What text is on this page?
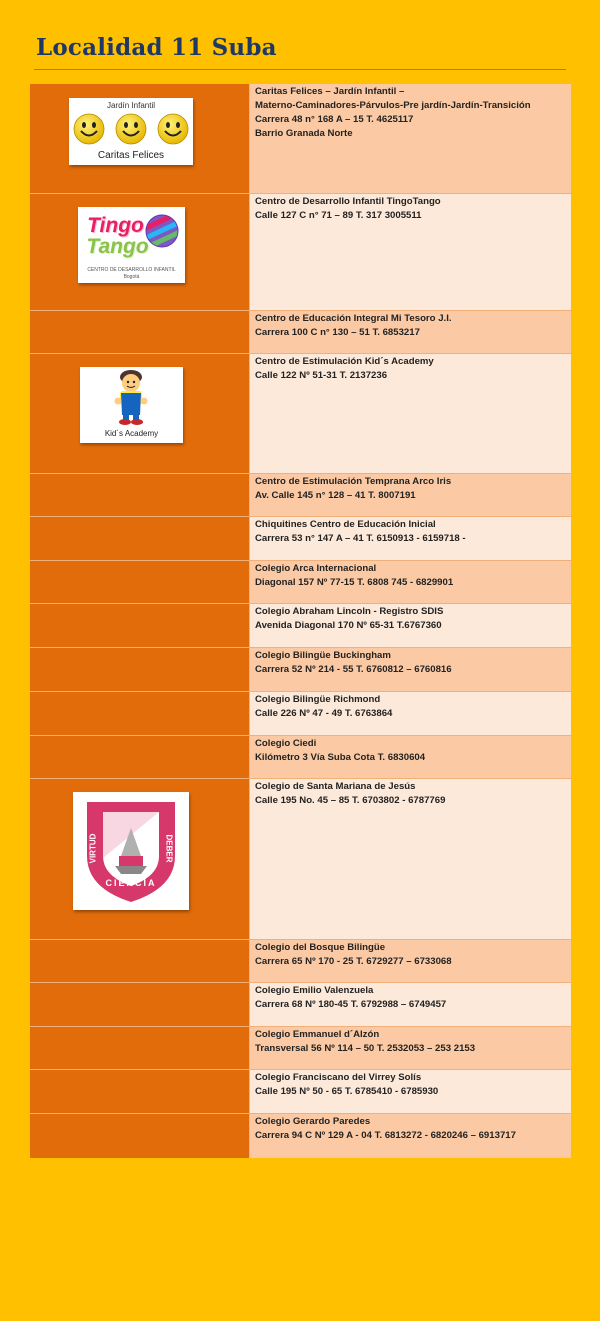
Localidad 11 Suba
Jardín Infantil
Caritas Felices
Caritas Felices – Jardín Infantil –
Materno-Caminadores-Párvulos-Pre jardín-Jardín-Transición
Carrera 48 n° 168 A – 15 T. 4625117
Barrio Granada Norte
Tingo
Tango
CENTRO DE DESARROLLO INFANTIL
Bogotá
Centro de Desarrollo Infantil TingoTango
Calle 127 C n° 71 – 89 T. 317 3005511
Centro de Educación Integral Mi Tesoro J.I.
Carrera 100 C n° 130 – 51 T. 6853217
Kid´s Academy
Centro de Estimulación Kid´s Academy
Calle 122 Nº 51-31 T. 2137236
Centro de Estimulación Temprana Arco Iris
Av. Calle 145 n° 128 – 41 T. 8007191
Chiquitines Centro de Educación Inicial
Carrera 53 n° 147 A – 41 T. 6150913 - 6159718 -
Colegio Arca Internacional
Diagonal 157 Nº 77-15 T. 6808 745 - 6829901
Colegio Abraham Lincoln - Registro SDIS
Avenida Diagonal 170 Nº 65-31 T.6767360
Colegio Bilingüe Buckingham
Carrera 52 Nº 214 - 55 T. 6760812 – 6760816
Colegio Bilingüe Richmond
Calle 226 Nº 47 - 49 T. 6763864
Colegio Ciedi
Kilómetro 3 Vía Suba Cota T. 6830604
VIRTUD	DEBER
CIENCIA
Colegio de Santa Mariana de Jesús
Calle 195 No. 45 – 85 T. 6703802 - 6787769
Colegio del Bosque Bilingüe
Carrera 65 Nº 170 - 25 T. 6729277 – 6733068
Colegio Emilio Valenzuela
Carrera 68 Nº 180-45 T. 6792988 – 6749457
Colegio Emmanuel d´Alzón
Transversal 56 Nº 114 – 50 T. 2532053 – 253 2153
Colegio Franciscano del Virrey Solís
Calle 195 Nº 50 - 65 T. 6785410 - 6785930
Colegio Gerardo Paredes
Carrera 94 C Nº 129 A - 04 T. 6813272 - 6820246 – 6913717
